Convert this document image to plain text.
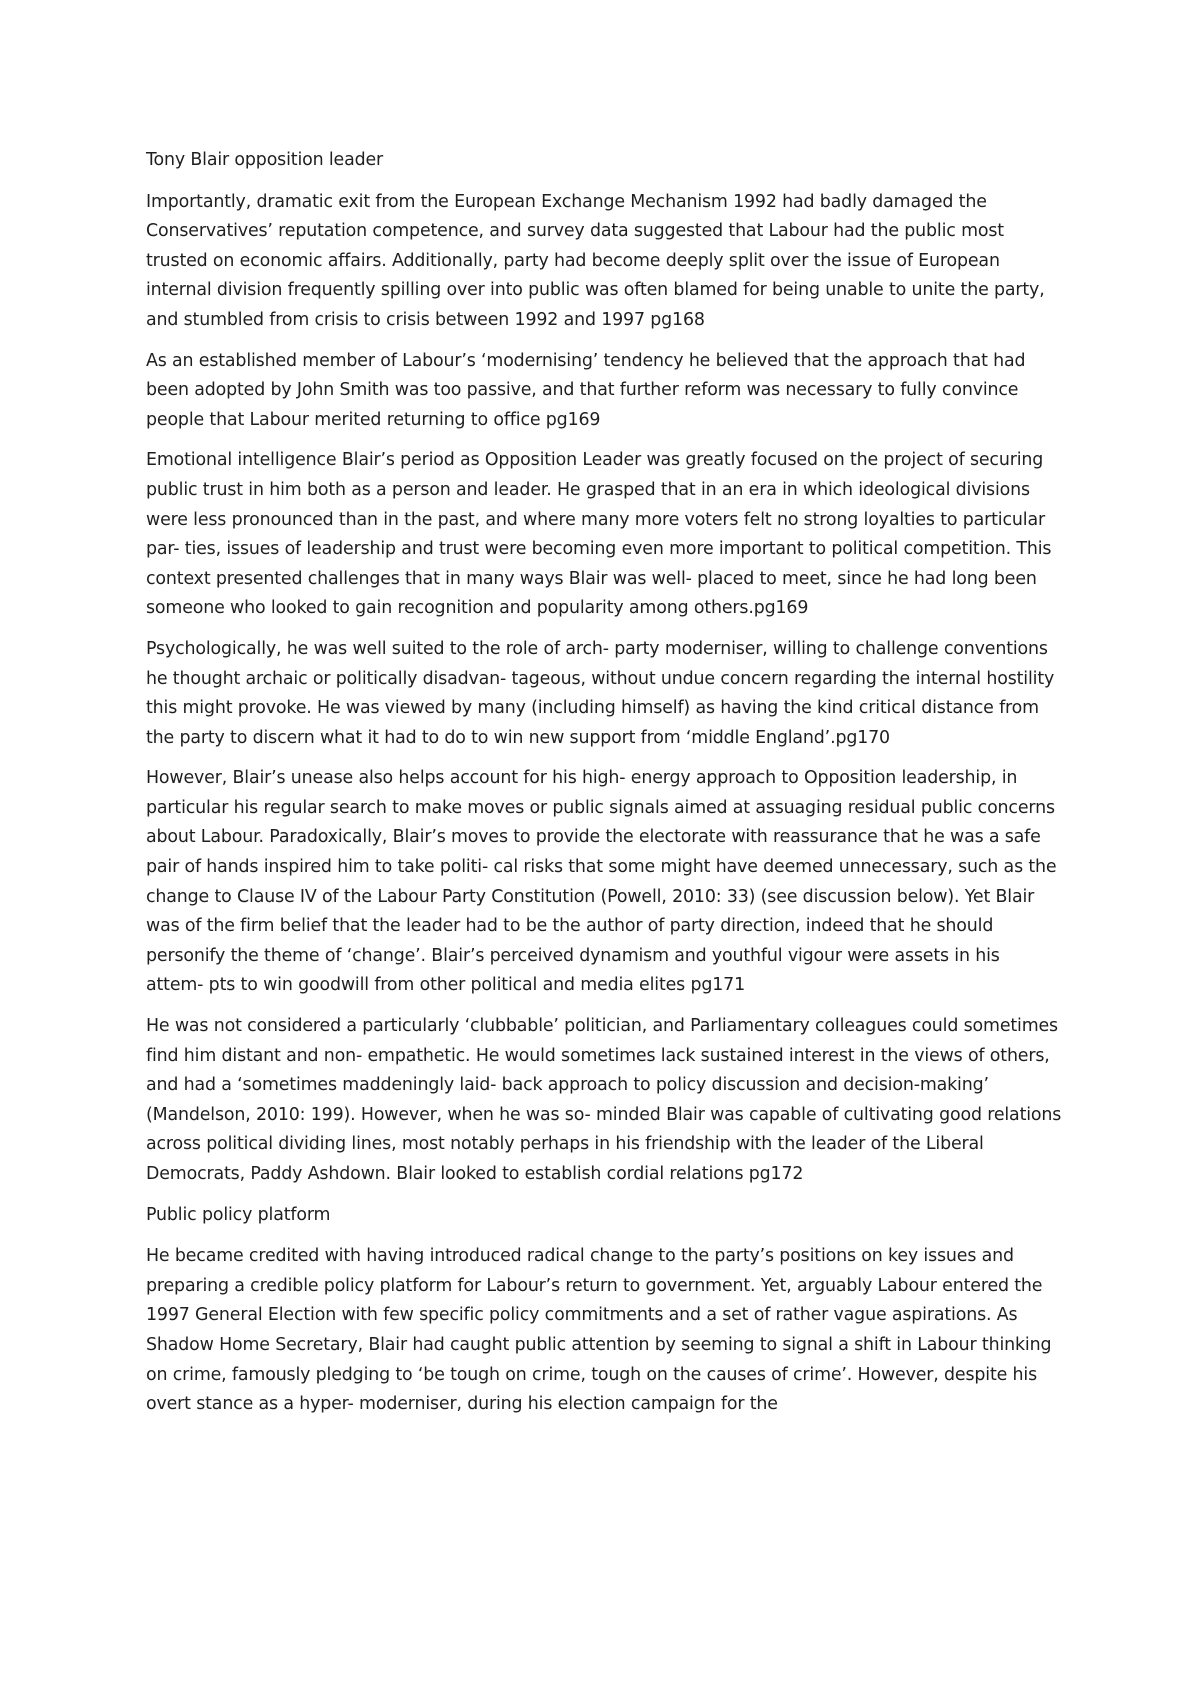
Tony Blair opposition leader

Importantly, dramatic exit from the European Exchange Mechanism 1992 had badly damaged the Conservatives’ reputation competence, and survey data suggested that Labour had the public most trusted on economic affairs. Additionally, party had become deeply split over the issue of European internal division frequently spilling over into public was often blamed for being unable to unite the party, and stumbled from crisis to crisis between 1992 and 1997 pg168

As an established member of Labour’s ‘modernising’ tendency he believed that the approach that had been adopted by John Smith was too passive, and that further reform was necessary to fully convince people that Labour merited returning to office pg169

Emotional intelligence Blair’s period as Opposition Leader was greatly focused on the project of securing public trust in him both as a person and leader. He grasped that in an era in which ideological divisions were less pronounced than in the past, and where many more voters felt no strong loyalties to particular par- ties, issues of leadership and trust were becoming even more important to political competition. This context presented challenges that in many ways Blair was well- placed to meet, since he had long been someone who looked to gain recognition and popularity among others.pg169

Psychologically, he was well suited to the role of arch- party moderniser, willing to challenge conventions he thought archaic or politically disadvan- tageous, without undue concern regarding the internal hostility this might provoke. He was viewed by many (including himself) as having the kind critical distance from the party to discern what it had to do to win new support from ‘middle England’.pg170

However, Blair’s unease also helps account for his high- energy approach to Opposition leadership, in particular his regular search to make moves or public signals aimed at assuaging residual public concerns about Labour. Paradoxically, Blair’s moves to provide the electorate with reassurance that he was a safe pair of hands inspired him to take politi- cal risks that some might have deemed unnecessary, such as the change to Clause IV of the Labour Party Constitution (Powell, 2010: 33) (see discussion below). Yet Blair was of the firm belief that the leader had to be the author of party direction, indeed that he should personify the theme of ‘change’. Blair’s perceived dynamism and youthful vigour were assets in his attem- pts to win goodwill from other political and media elites pg171

He was not considered a particularly ‘clubbable’ politician, and Parliamentary colleagues could sometimes find him distant and non- empathetic. He would sometimes lack sustained interest in the views of others, and had a ‘sometimes maddeningly laid- back approach to policy discussion and decision-making’ (Mandelson, 2010: 199). However, when he was so- minded Blair was capable of cultivating good relations across political dividing lines, most notably perhaps in his friendship with the leader of the Liberal Democrats, Paddy Ashdown. Blair looked to establish cordial relations pg172

Public policy platform

He became credited with having introduced radical change to the party’s positions on key issues and preparing a credible policy platform for Labour’s return to government. Yet, arguably Labour entered the 1997 General Election with few specific policy commitments and a set of rather vague aspirations. As Shadow Home Secretary, Blair had caught public attention by seeming to signal a shift in Labour thinking on crime, famously pledging to ‘be tough on crime, tough on the causes of crime’. However, despite his overt stance as a hyper- moderniser, during his election campaign for the
